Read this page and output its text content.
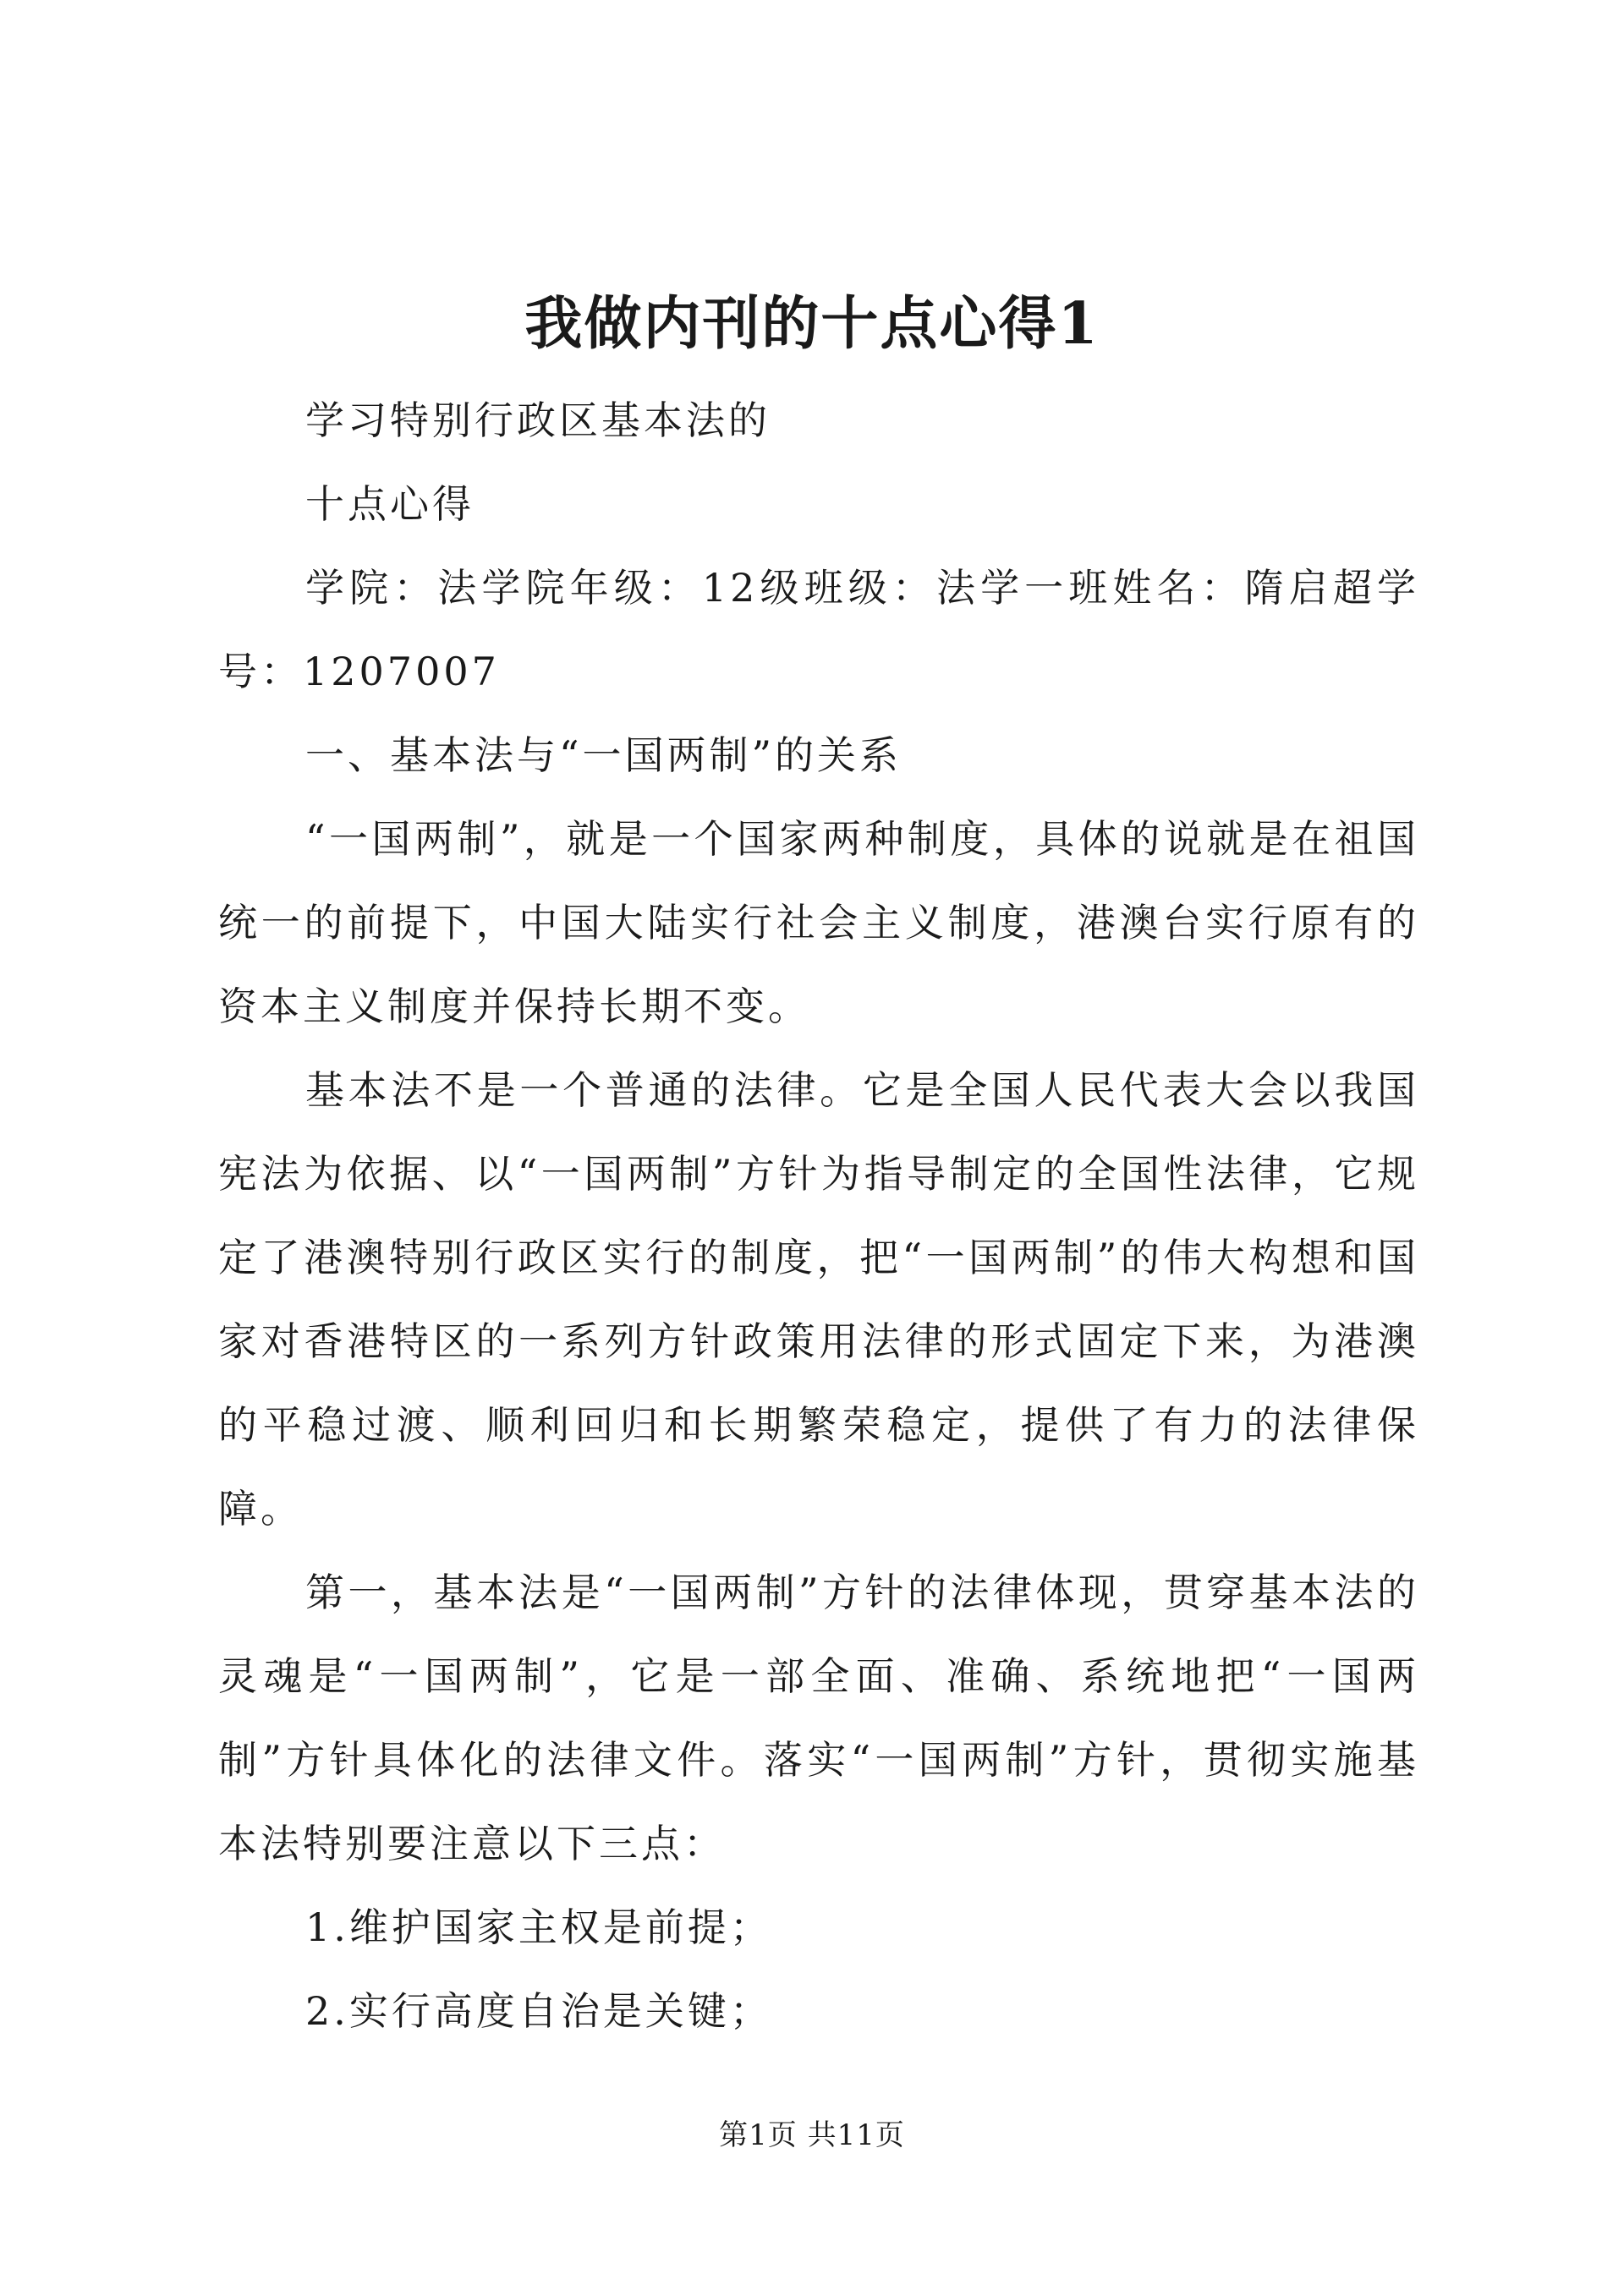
我做内刊的十点心得1

学习特别行政区基本法的

十点心得

学院：法学院年级：12级班级：法学一班姓名：隋启超学号：1207007

一、基本法与“一国两制”的关系

“一国两制”，就是一个国家两种制度，具体的说就是在祖国统一的前提下，中国大陆实行社会主义制度，港澳台实行原有的资本主义制度并保持长期不变。

基本法不是一个普通的法律。它是全国人民代表大会以我国宪法为依据、以“一国两制”方针为指导制定的全国性法律，它规定了港澳特别行政区实行的制度，把“一国两制”的伟大构想和国家对香港特区的一系列方针政策用法律的形式固定下来，为港澳的平稳过渡、顺利回归和长期繁荣稳定，提供了有力的法律保障。

第一，基本法是“一国两制”方针的法律体现，贯穿基本法的灵魂是“一国两制”，它是一部全面、准确、系统地把“一国两制”方针具体化的法律文件。落实“一国两制”方针，贯彻实施基本法特别要注意以下三点：

1.维护国家主权是前提；

2.实行高度自治是关键；

第1页 共11页
